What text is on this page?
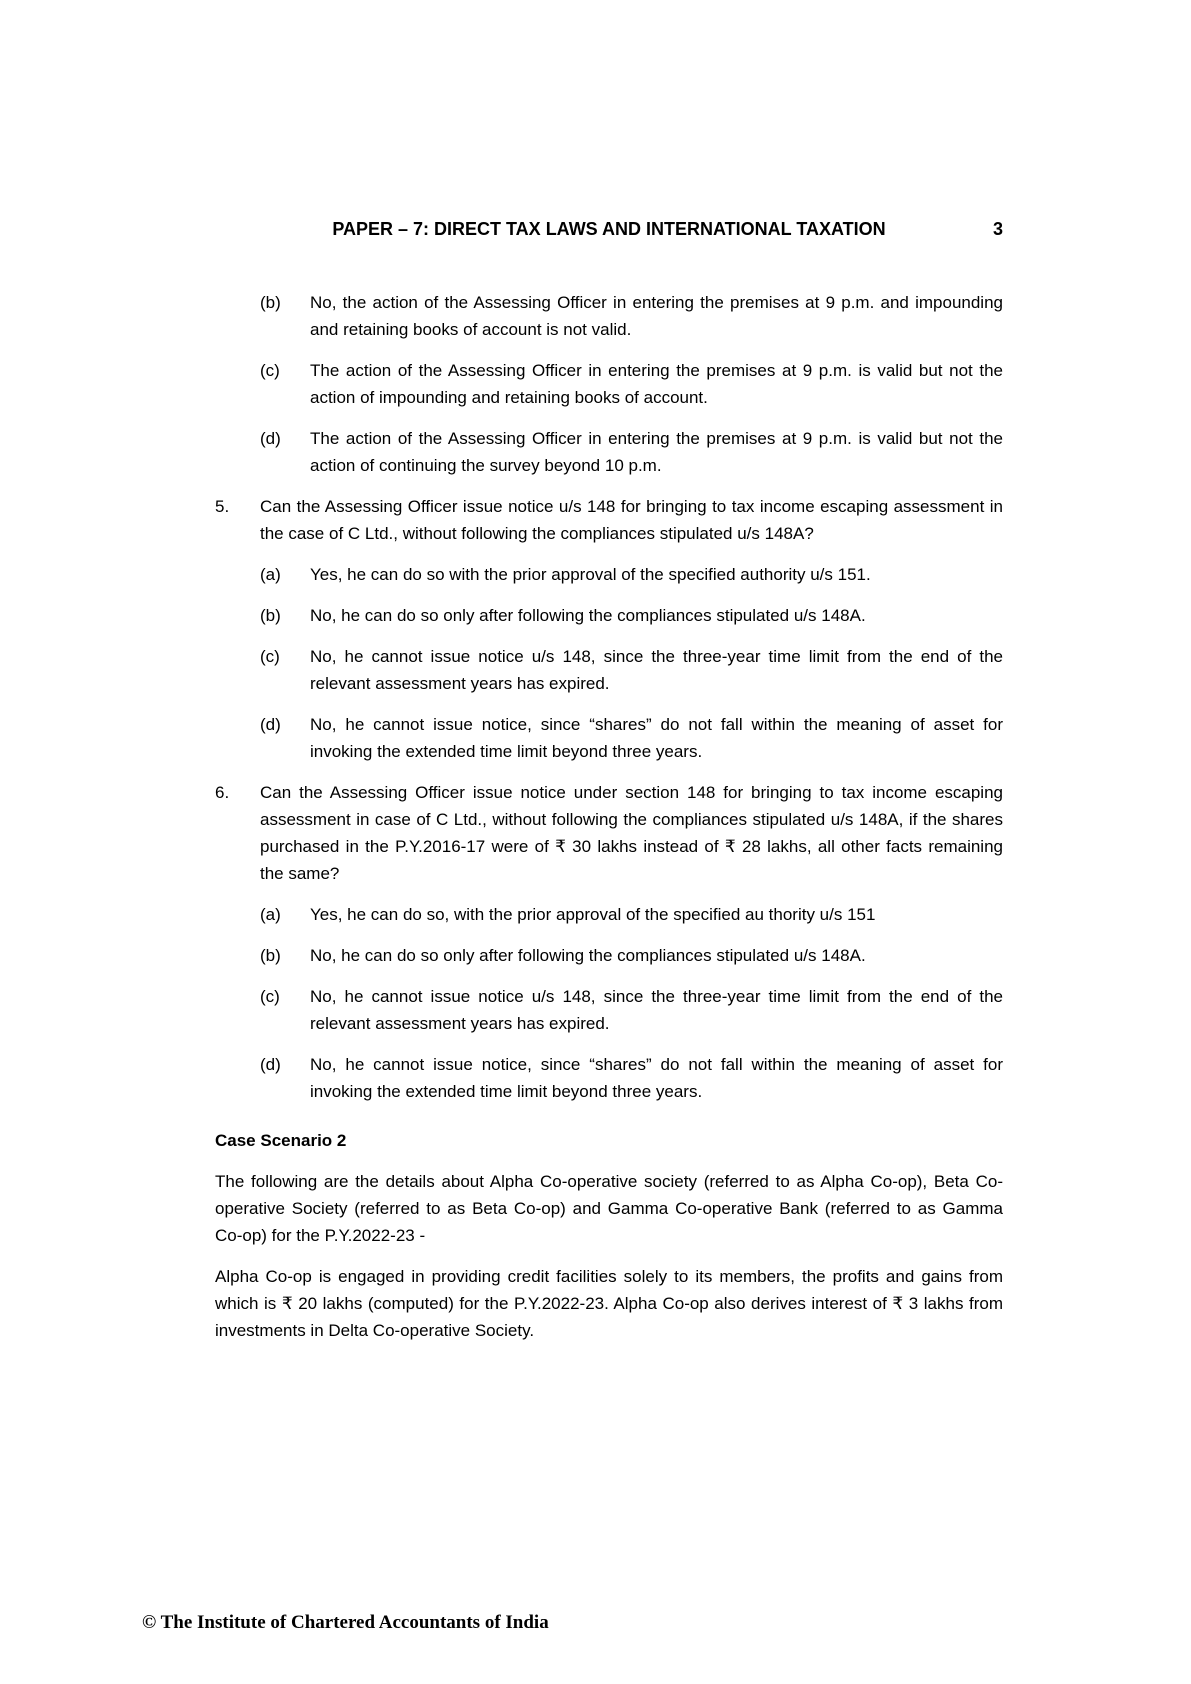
PAPER – 7: DIRECT TAX LAWS AND INTERNATIONAL TAXATION	3
(b)	No, the action of the Assessing Officer in entering the premises at 9 p.m. and impounding and retaining books of account is not valid.
(c)	The action of the Assessing Officer in entering the premises at 9 p.m. is valid but not the action of impounding and retaining books of account.
(d)	The action of the Assessing Officer in entering the premises at 9 p.m. is valid but not the action of continuing the survey beyond 10 p.m.
5.	Can the Assessing Officer issue notice u/s 148 for bringing to tax income escaping assessment in the case of C Ltd., without following the compliances stipulated u/s 148A?
(a)	Yes, he can do so with the prior approval of the specified authority u/s 151.
(b)	No, he can do so only after following the compliances stipulated u/s 148A.
(c)	No, he cannot issue notice u/s 148, since the three-year time limit from the end of the relevant assessment years has expired.
(d)	No, he cannot issue notice, since “shares” do not fall within the meaning of asset for invoking the extended time limit beyond three years.
6.	Can the Assessing Officer issue notice under section 148 for bringing to tax income escaping assessment in case of C Ltd., without following the compliances stipulated u/s 148A, if the shares purchased in the P.Y.2016-17 were of ₹ 30 lakhs instead of ₹ 28 lakhs, all other facts remaining the same?
(a)	Yes, he can do so, with the prior approval of the specified au thority u/s 151
(b)	No, he can do so only after following the compliances stipulated u/s 148A.
(c)	No, he cannot issue notice u/s 148, since the three-year time limit from the end of the relevant assessment years has expired.
(d)	No, he cannot issue notice, since “shares” do not fall within the meaning of asset for invoking the extended time limit beyond three years.
Case Scenario 2

The following are the details about Alpha Co-operative society (referred to as Alpha Co-op), Beta Co-operative Society (referred to as Beta Co-op) and Gamma Co-operative Bank (referred to as Gamma Co-op) for the P.Y.2022-23 -

Alpha Co-op is engaged in providing credit facilities solely to its members, the profits and gains from which is ₹ 20 lakhs (computed) for the P.Y.2022-23. Alpha Co-op also derives interest of ₹ 3 lakhs from investments in Delta Co-operative Society.

© The Institute of Chartered Accountants of India
